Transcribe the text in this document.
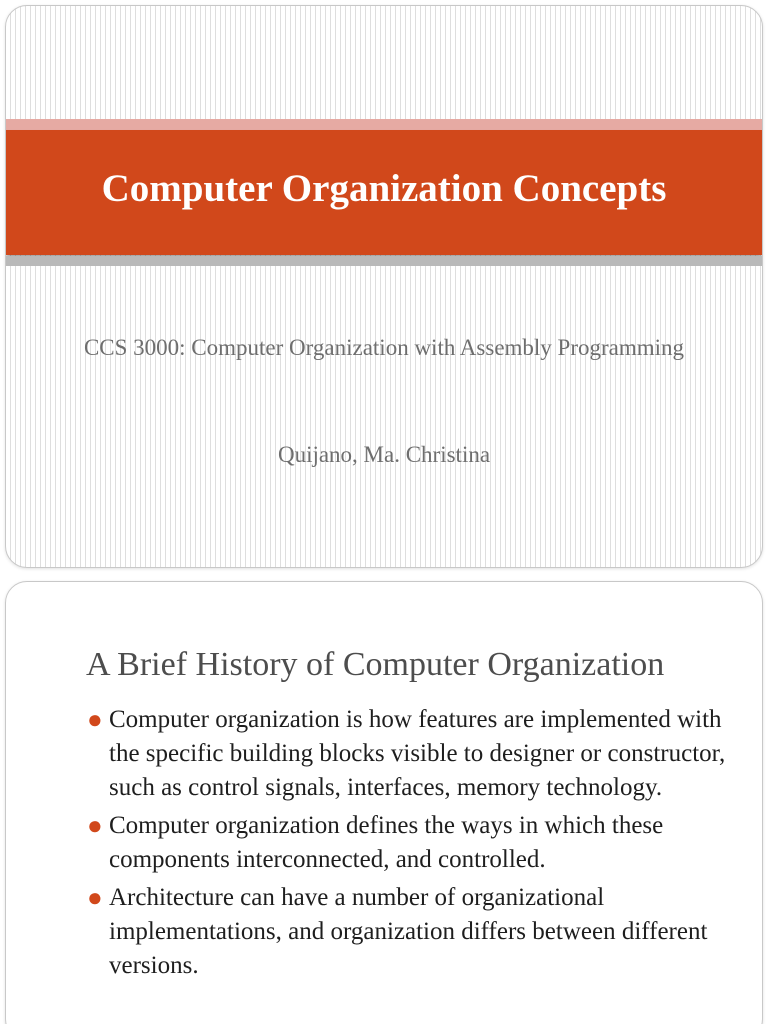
Computer Organization Concepts
CCS 3000: Computer Organization with Assembly Programming
Quijano, Ma. Christina
A Brief History of Computer Organization
● Computer organization is how features are implemented with the specific building blocks visible to designer or constructor, such as control signals, interfaces, memory technology.
● Computer organization defines the ways in which these components interconnected, and controlled.
● Architecture can have a number of organizational implementations, and organization differs between different versions.
